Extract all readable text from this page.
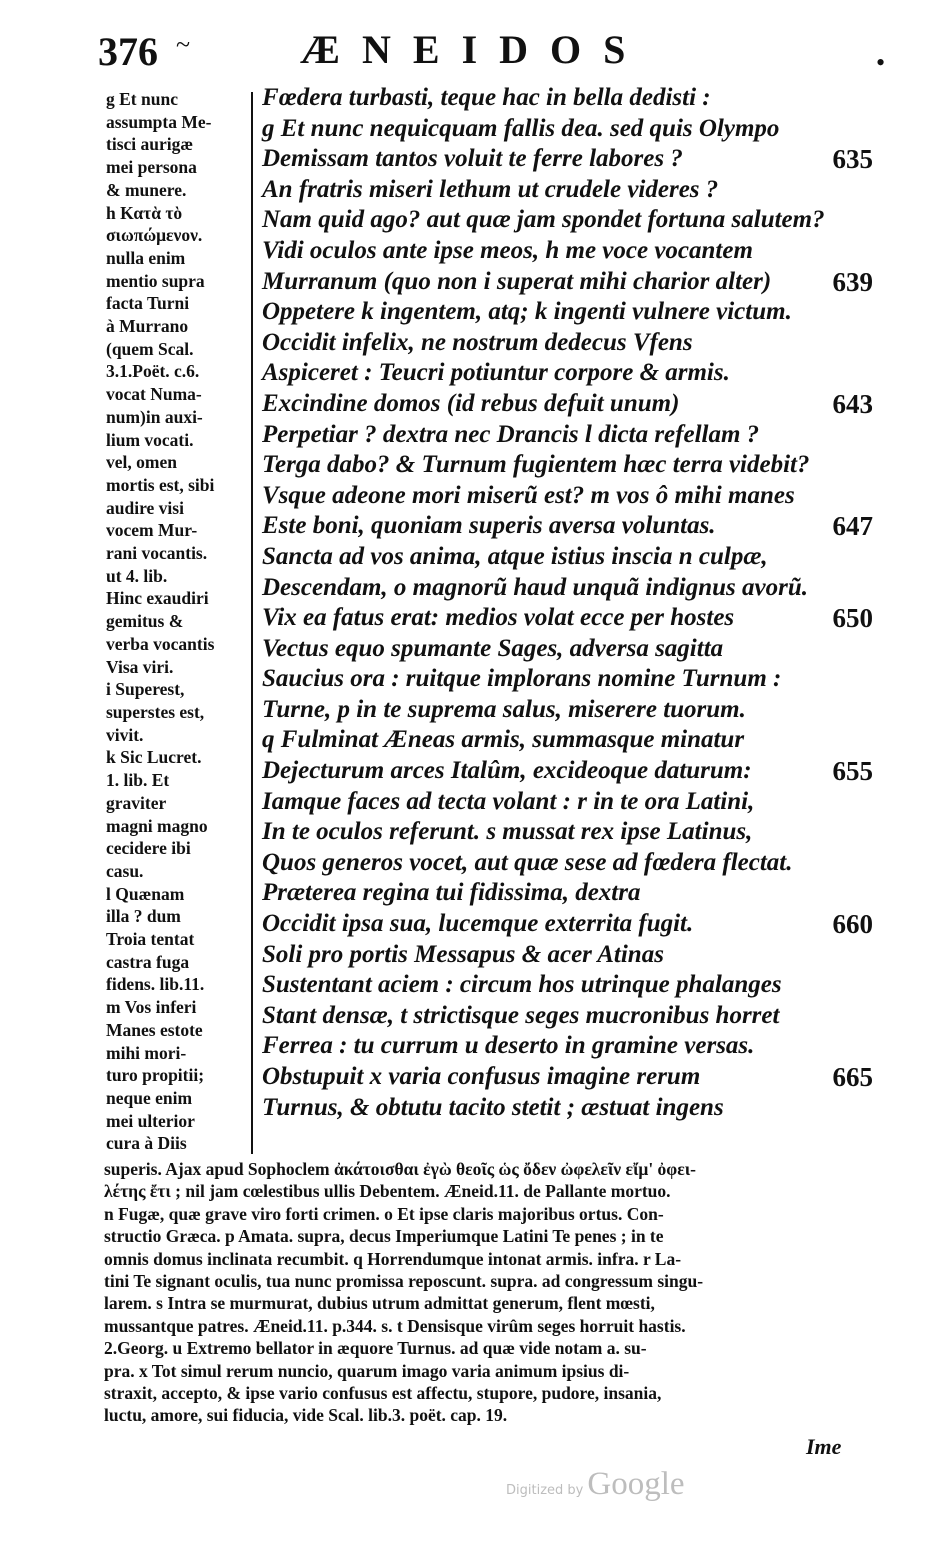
376 ~	ÆNEIDOS	•
g Et nunc
assumpta Me-
tisci aurigæ
mei persona
& munere.
h Κατὰ τὸ
σιωπώμενον.
nulla enim
mentio supra
facta Turni
à Murrano
(quem Scal.
3.1.Poët. c.6.
vocat Numa-
num)in auxi-
lium vocati.
vel, omen
mortis est, sibi
audire visi
vocem Mur-
rani vocantis.
ut 4. lib.
Hinc exaudiri
gemitus &
verba vocantis
Visa viri.
i Superest,
superstes est,
vivit.
k Sic Lucret.
1. lib. Et
graviter
magni magno
cecidere ibi
casu.
l Quænam
illa ? dum
Troia tentat
castra fuga
fidens. lib.11.
m Vos inferi
Manes estote
mihi mori-
turo propitii;
neque enim
mei ulterior
cura à Diis
Fœdera turbasti, teque hac in bella dedisti :
g Et nunc nequicquam fallis dea. sed quis Olympo
Demissam tantos voluit te ferre labores ?	635
An fratris miseri lethum ut crudele videres ?
Nam quid ago? aut quæ jam spondet fortuna salutem?
Vidi oculos ante ipse meos, h me voce vocantem
Murranum (quo non i superat mihi charior alter) 639
Oppetere k ingentem, atq; k ingenti vulnere victum.
Occidit infelix, ne nostrum dedecus Vfens
Aspiceret : Teucri potiuntur corpore & armis.
Excindine domos (id rebus defuit unum)	643
Perpetiar ? dextra nec Drancis l dicta refellam ?
Terga dabo? & Turnum fugientem hæc terra videbit?
Vsque adeone mori miserũ est? m vos ô mihi manes
Este boni, quoniam superis aversa voluntas.	647
Sancta ad vos anima, atque istius inscia n culpæ,
Descendam, o magnorũ haud unquã indignus avorũ.
Vix ea fatus erat: medios volat ecce per hostes	650
Vectus equo spumante Sages, adversa sagitta
Saucius ora : ruitque implorans nomine Turnum :
Turne, p in te suprema salus, miserere tuorum.
q Fulminat Æneas armis, summasque minatur
Dejecturum arces Italûm, excideoque daturum:	655
Iamque faces ad tecta volant : r in te ora Latini,
In te oculos referunt. s mussat rex ipse Latinus,
Quos generos vocet, aut quæ sese ad fœdera flectat.
Præterea regina tui fidissima, dextra
Occidit ipsa sua, lucemque exterrita fugit.	660
Soli pro portis Messapus & acer Atinas
Sustentant aciem : circum hos utrinque phalanges
Stant densæ, t strictisque seges mucronibus horret
Ferrea : tu currum u deserto in gramine versas.
Obstupuit x varia confusus imagine rerum	665
Turnus, & obtutu tacito stetit ; æstuat ingens
superis. Ajax apud Sophoclem ἀκάτοισθαι ἐγὼ θεοῖς ὡς ὄδεν ὠφελεῖν εἴμ' ὀφει-
λέτης ἔτι ; nil jam cœlestibus ullis Debentem. Æneid.11. de Pallante mortuo.
n Fugæ, quæ grave viro forti crimen. o Et ipse claris majoribus ortus. Con-
structio Græca. p Amata. supra, decus Imperiumque Latini Te penes ; in te
omnis domus inclinata recumbit. q Horrendumque intonat armis. infra. r La-
tini Te signant oculis, tua nunc promissa reposcunt. supra. ad congressum singu-
larem. s Intra se murmurat, dubius utrum admittat generum, flent mœsti,
mussantque patres. Æneid.11. p.344. s. t Densisque virûm seges horruit hastis.
2.Georg. u Extremo bellator in æquore Turnus. ad quæ vide notam a. su-
pra. x Tot simul rerum nuncio, quarum imago varia animum ipsius di-
straxit, accepto, & ipse vario confusus est affectu, stupore, pudore, insania,
luctu, amore, sui fiducia, vide Scal. lib.3. poët. cap. 19.
Ime
Digitized by Google
